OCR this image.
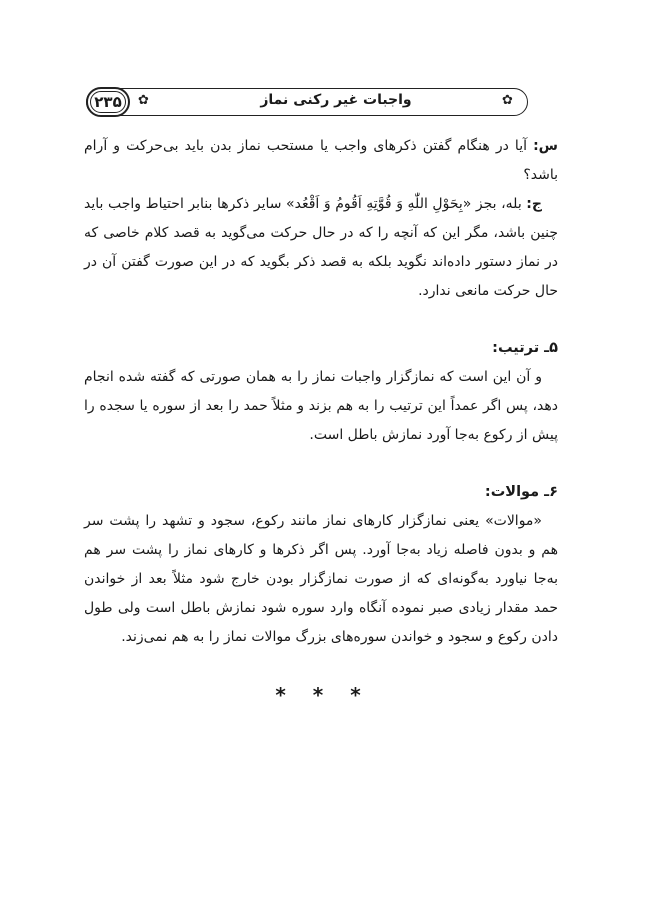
۲۳۵	✿	واجبات غیر رکنی نماز	✿

س: آیا در هنگام گفتن ذکرهای واجب یا مستحب نماز بدن باید بی‌حرکت و آرام باشد؟

ج: بله، بجز «بِحَوْلِ اللّٰهِ وَ قُوَّتِهِ اَقُومُ وَ اَقْعُد» سایر ذکرها بنابر احتیاط واجب باید چنین باشد، مگر این که آنچه را که در حال حرکت می‌گوید به قصد کلام خاصی که در نماز دستور داده‌اند نگوید بلکه به قصد ذکر بگوید که در این صورت گفتن آن در حال حرکت مانعی ندارد.

۵ـ ترتیب:

و آن این است که نمازگزار واجبات نماز را به همان صورتی که گفته شده انجام دهد، پس اگر عمداً این ترتیب را به هم بزند و مثلاً حمد را بعد از سوره یا سجده را پیش از رکوع به‌جا آورد نمازش باطل است.

۶ـ موالات:

«موالات» یعنی نمازگزار کارهای نماز مانند رکوع، سجود و تشهد را پشت سر هم و بدون فاصله زیاد به‌جا آورد. پس اگر ذکرها و کارهای نماز را پشت سر هم به‌جا نیاورد به‌گونه‌ای که از صورت نمازگزار بودن خارج شود مثلاً بعد از خواندن حمد مقدار زیادی صبر نموده آنگاه وارد سوره شود نمازش باطل است ولی طول دادن رکوع و سجود و خواندن سوره‌های بزرگ موالات نماز را به هم نمی‌زند.

* * *
